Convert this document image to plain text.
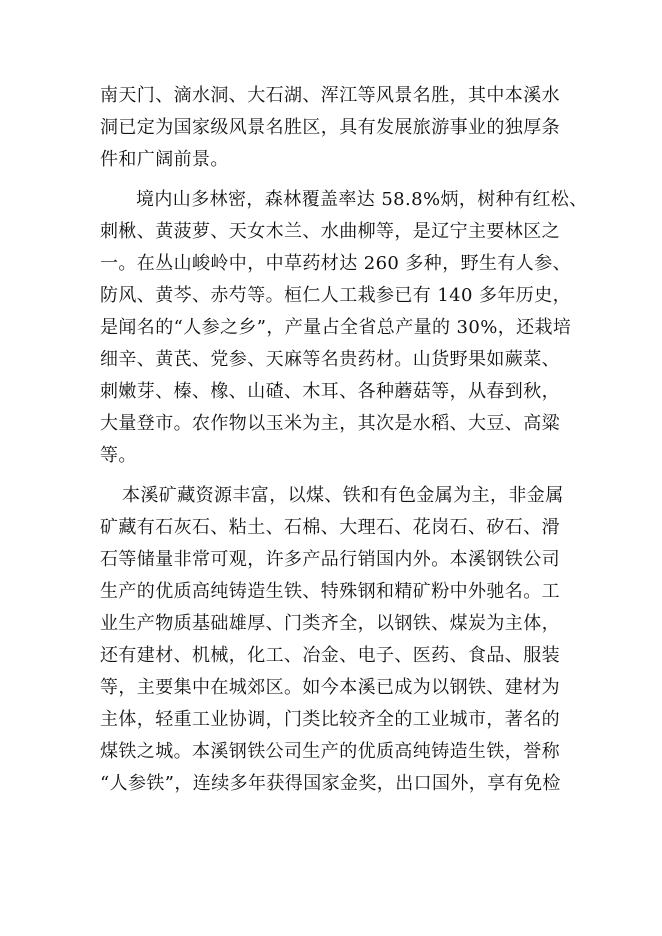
南天门、滴水洞、大石湖、浑江等风景名胜，其中本溪水
洞已定为国家级风景名胜区，具有发展旅游事业的独厚条
件和广阔前景。
境内山多林密，森林覆盖率达 58.8%炳，树种有红松、
刺楸、黄菠萝、天女木兰、水曲柳等，是辽宁主要林区之
一。在丛山峻岭中，中草药材达 260 多种，野生有人参、
防风、黄芩、赤芍等。桓仁人工栽参已有 140 多年历史，
是闻名的“人参之乡”，产量占全省总产量的 30%，还栽培
细辛、黄芪、党参、天麻等名贵药材。山货野果如蕨菜、
刺嫩芽、榛、橡、山碴、木耳、各种蘑菇等，从春到秋，
大量登市。农作物以玉米为主，其次是水稻、大豆、高粱
等。
本溪矿藏资源丰富，以煤、铁和有色金属为主，非金属
矿藏有石灰石、粘土、石棉、大理石、花岗石、矽石、滑
石等储量非常可观，许多产品行销国内外。本溪钢铁公司
生产的优质高纯铸造生铁、特殊钢和精矿粉中外驰名。工
业生产物质基础雄厚、门类齐全，以钢铁、煤炭为主体，
还有建材、机械，化工、冶金、电子、医药、食品、服装
等，主要集中在城郊区。如今本溪已成为以钢铁、建材为
主体，轻重工业协调，门类比较齐全的工业城市，著名的
煤铁之城。本溪钢铁公司生产的优质高纯铸造生铁，誉称
“人参铁”，连续多年获得国家金奖，出口国外，享有免检
